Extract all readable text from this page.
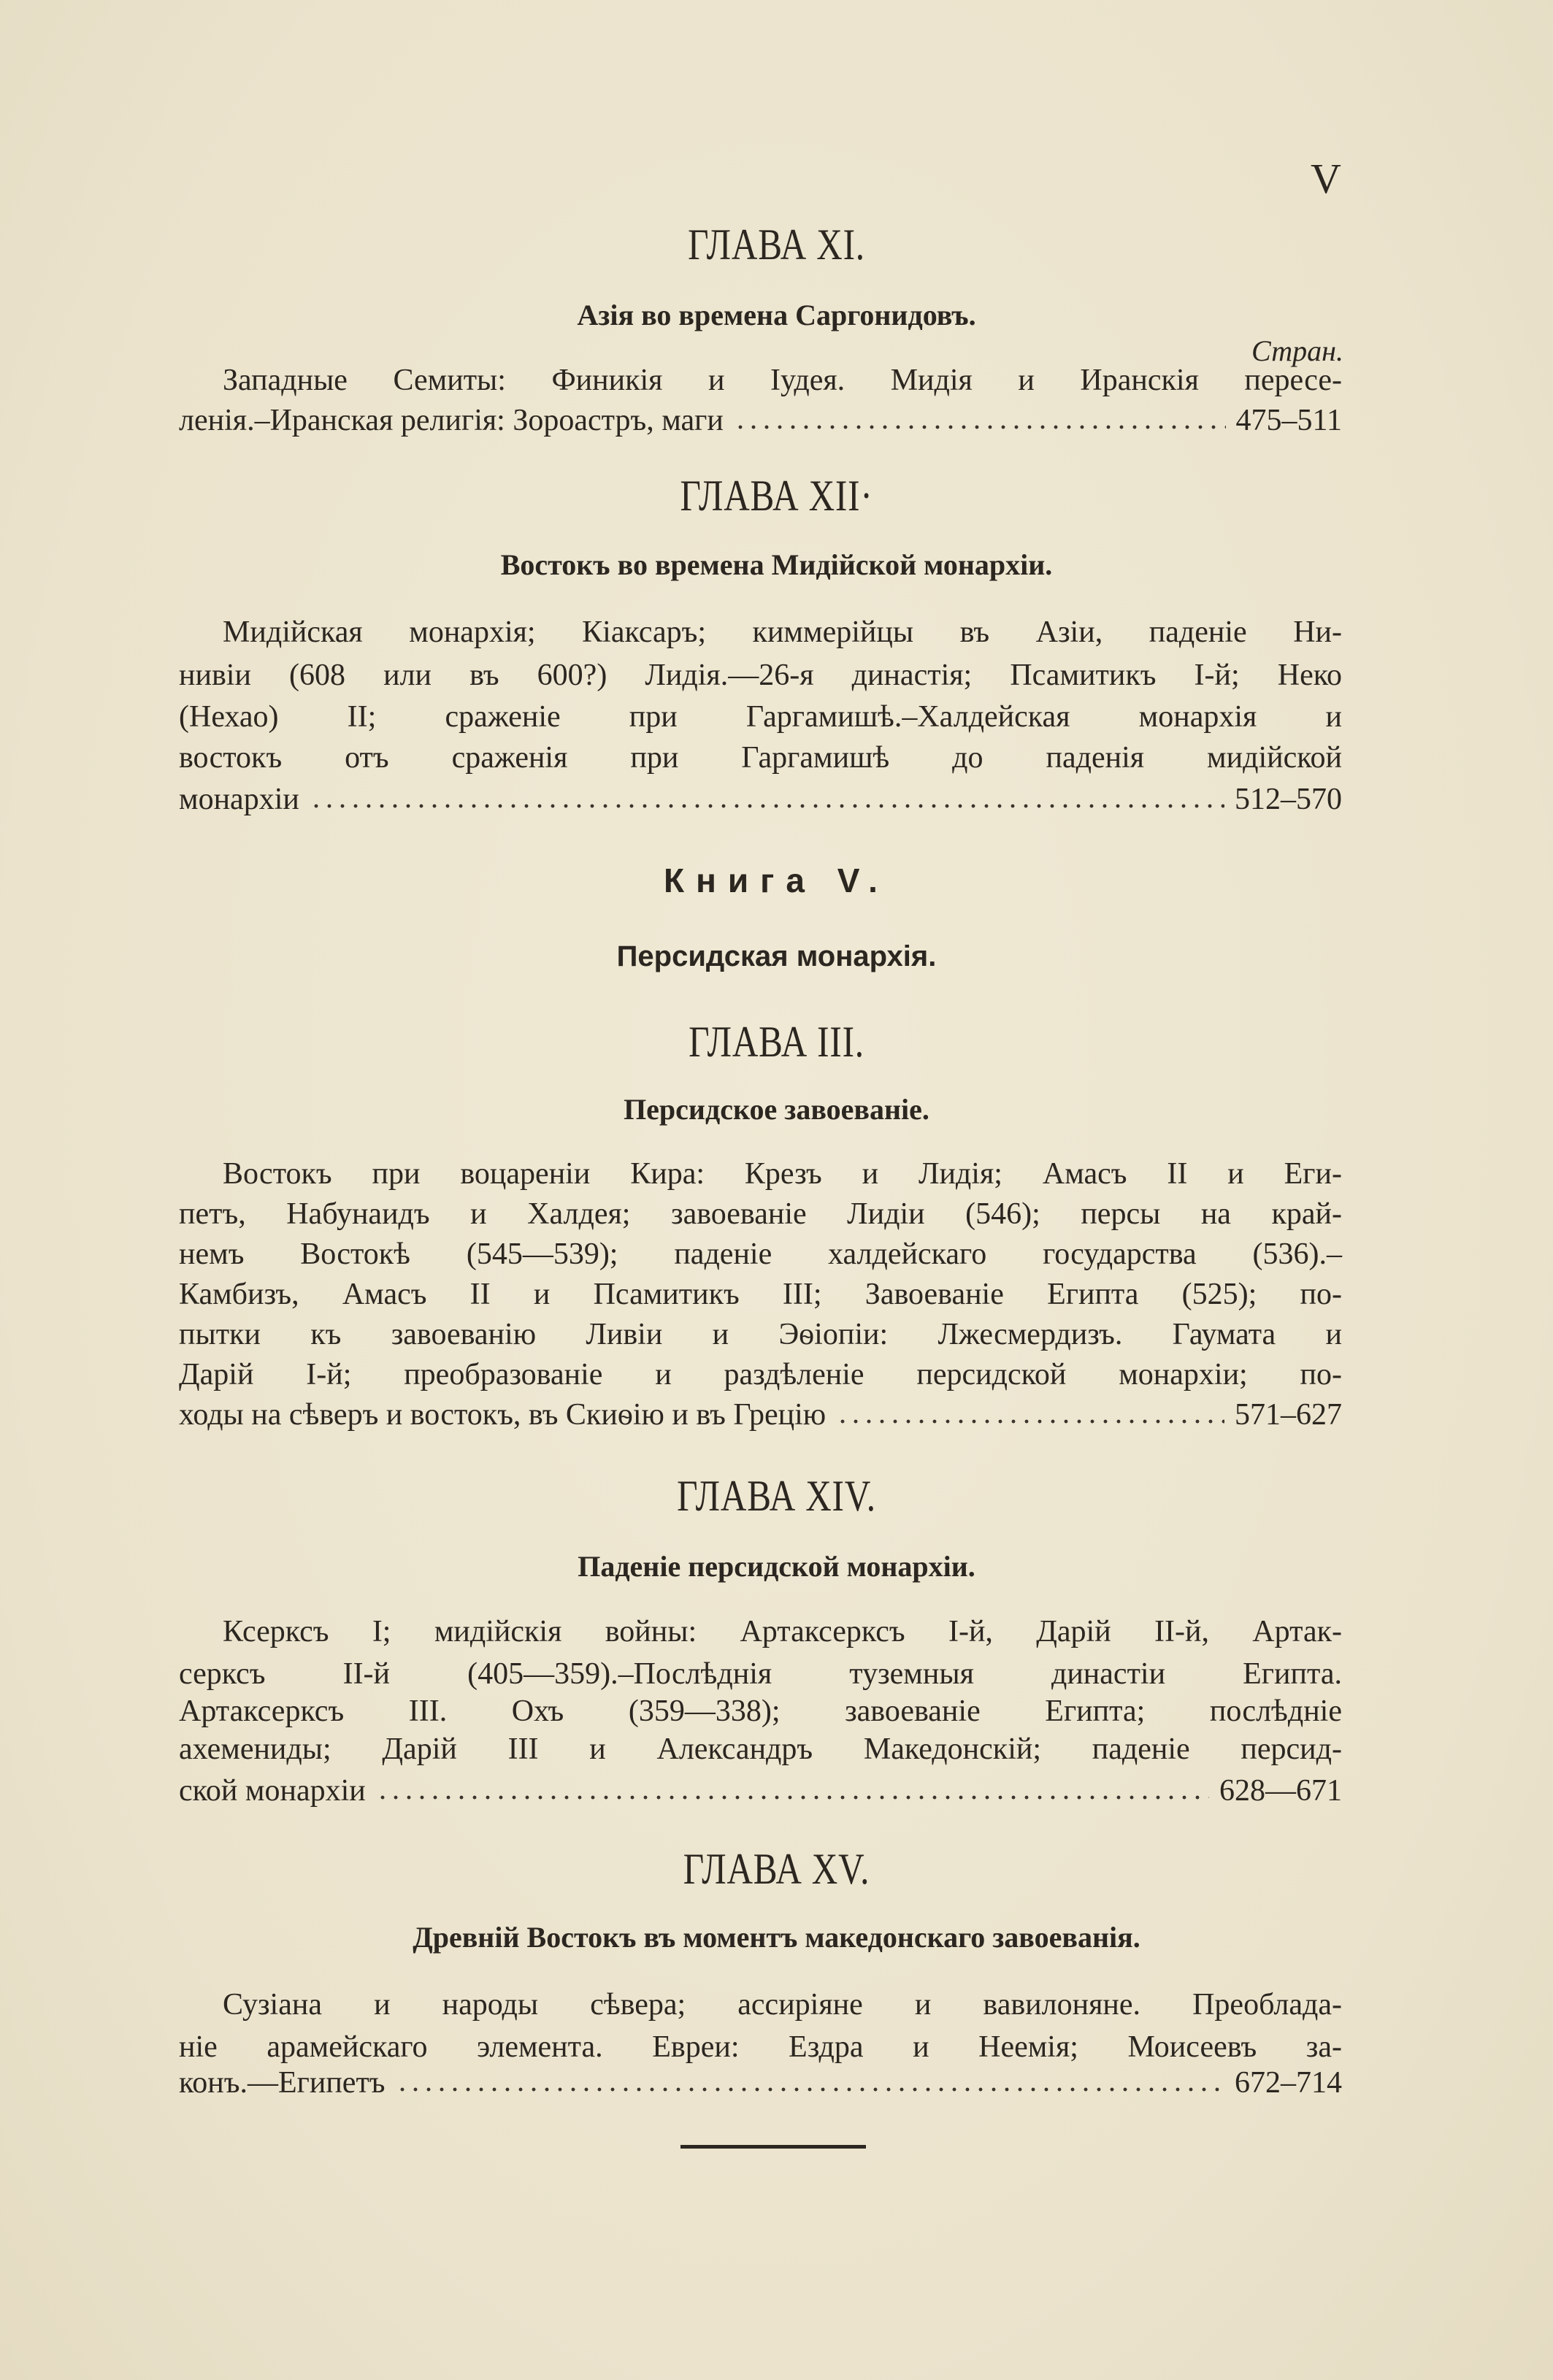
V
Стран.
Книга V.
Персидская монархія.
ГЛАВА XI.
Азія во времена Саргонидовъ.
Западные Семиты: Финикія и Іудея. Мидія и Иранскія пересе-
ленія.–Иранская религія: Зороастръ, маги	475–511
ГЛАВА XII·
Востокъ во времена Мидійской монархіи.
Мидійская монархія; Кіаксаръ; киммерійцы въ Азіи, паденіе Ни-
нивіи (608 или въ 600?) Лидія.––26-я династія; Псамитикъ I-й; Неко
(Нехао) II; сраженіе при Гаргамишѣ.–Халдейская монархія и
востокъ отъ сраженія при Гаргамишѣ до паденія мидійской
монархіи	512–570
ГЛАВА III.
Персидское завоеваніе.
Востокъ при воцареніи Кира: Крезъ и Лидія; Амасъ II и Еги-
петъ, Набунаидъ и Халдея; завоеваніе Лидіи (546); персы на край-
немъ Востокѣ (545—539); паденіе халдейскаго государства (536).–
Камбизъ, Амасъ II и Псамитикъ III; Завоеваніе Египта (525); по-
пытки къ завоеванію Ливіи и Эѳіопіи: Лжесмердизъ. Гаумата и
Дарій I-й; преобразованіе и раздѣленіе персидской монархіи; по-
ходы на сѣверъ и востокъ, въ Скиѳію и въ Грецію	571–627
ГЛАВА XIV.
Паденіе персидской монархіи.
Ксерксъ I; мидійскія войны: Артаксерксъ I-й, Дарій II-й, Артак-
серксъ II-й (405—359).–Послѣднія туземныя династіи Египта.
Артаксерксъ III. Охъ (359—338); завоеваніе Египта; послѣдніе
ахемениды; Дарій III и Александръ Македонскій; паденіе персид-
ской монархіи	628—671
ГЛАВА XV.
Древній Востокъ въ моментъ македонскаго завоеванія.
Сузіана и народы сѣвера; ассиріяне и вавилоняне. Преоблада-
ніе арамейскаго элемента. Евреи: Ездра и Неемія; Моисеевъ за-
конъ.—Египетъ	672–714
